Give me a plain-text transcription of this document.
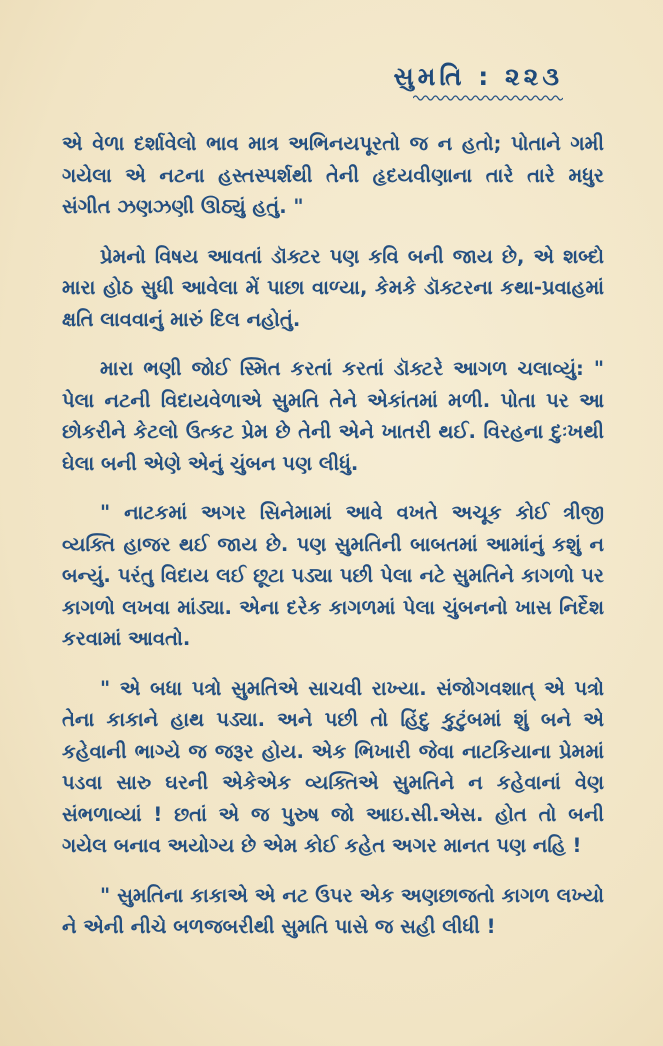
સુમતિ : ૨૨૩

એ વેળા દર્શાવેલો ભાવ માત્ર અભિનયપૂરતો જ ન હતો; પોતાને ગમી ગયેલા એ નટના હસ્તસ્પર્શથી તેની હૃદયવીણાના તારે તારે મધુર સંગીત ઝણઝણી ઊઠ્યું હતું. "

પ્રેમનો વિષય આવતાં ડૉક્ટર પણ કવિ બની જાય છે, એ શબ્દો મારા હોઠ સુધી આવેલા મેં પાછા વાળ્યા, કેમકે ડૉક્ટરના કથા-પ્રવાહમાં ક્ષતિ લાવવાનું મારું દિલ નહોતું.

મારા ભણી જોઈ સ્મિત કરતાં કરતાં ડૉક્ટરે આગળ ચલાવ્યું: " પેલા નટની વિદાયવેળાએ સુમતિ તેને એકાંતમાં મળી. પોતા પર આ છોકરીને કેટલો ઉત્કટ પ્રેમ છે તેની એને ખાતરી થઈ. વિરહના દુઃખથી ઘેલા બની એણે એનું ચુંબન પણ લીધું.

" નાટકમાં અગર સિનેમામાં આવે વખતે અચૂક કોઈ ત્રીજી વ્યક્તિ હાજર થઈ જાય છે. પણ સુમતિની બાબતમાં આમાંનું કશું ન બન્યું. પરંતુ વિદાય લઈ છૂટા પડ્યા પછી પેલા નટે સુમતિને કાગળો પર કાગળો લખવા માંડ્યા. એના દરેક કાગળમાં પેલા ચુંબનનો ખાસ નિર્દેશ કરવામાં આવતો.

" એ બધા પત્રો સુમતિએ સાચવી રાખ્યા. સંજોગવશાત્ એ પત્રો તેના કાકાને હાથ પડ્યા. અને પછી તો હિંદુ કુટુંબમાં શું બને એ કહેવાની ભાગ્યે જ જરૂર હોય. એક ભિખારી જેવા નાટકિયાના પ્રેમમાં પડવા સારુ ઘરની એકેએક વ્યક્તિએ સુમતિને ન કહેવાનાં વેણ સંભળાવ્યાં ! છતાં એ જ પુરુષ જો આઇ.સી.એસ. હોત તો બની ગયેલ બનાવ અયોગ્ય છે એમ કોઈ કહેત અગર માનત પણ નહિ !

" સુમતિના કાકાએ એ નટ ઉપર એક અણછાજતો કાગળ લખ્યો ને એની નીચે બળજબરીથી સુમતિ પાસે જ સહી લીધી !
